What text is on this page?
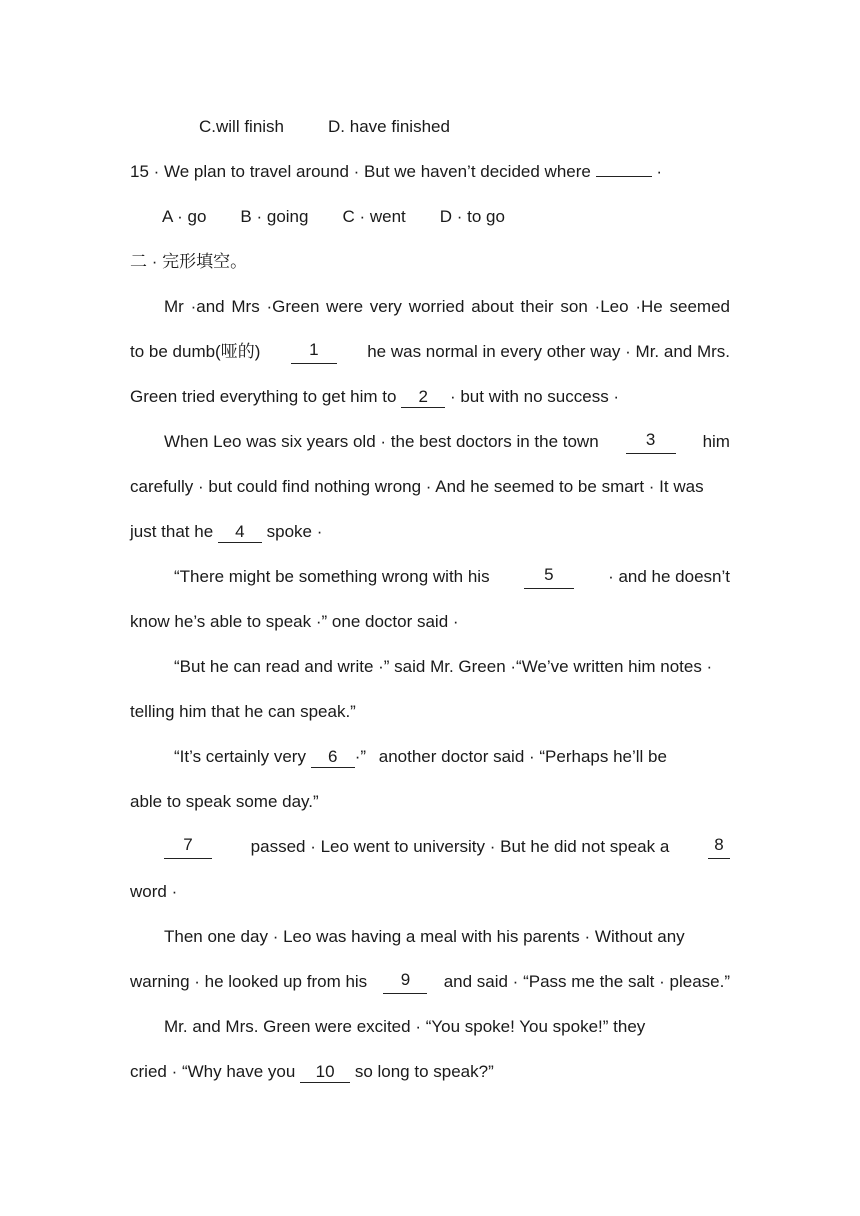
C.will finish	D. have finished
15 · We plan to travel around · But we haven’t decided where	·
A · go B · going C · went D · to go
二 · 完形填空。
Mr ·and Mrs ·Green were very worried about their son ·Leo ·He seemed
to be dumb(哑的)	1	he was normal in every other way · Mr. and Mrs.
Green tried everything to get him to 2 · but with no success ·
When Leo was six years old · the best doctors in the town	3	him
carefully · but could find nothing wrong · And he seemed to be smart · It was
just that he 4 spoke ·
“There might be something wrong with his	5	· and he doesn’t
know he’s able to speak ·” one doctor said ·
“But he can read and write ·” said Mr. Green ·“We’ve written him notes ·
telling him that he can speak.”
“It’s certainly very 6 ·” another doctor said · “Perhaps he’ll be
able to speak some day.”
7	passed · Leo went to university · But he did not speak a	8
word ·
Then one day · Leo was having a meal with his parents · Without any
warning · he looked up from his	9	and said · “Pass me the salt · please.”
Mr. and Mrs. Green were excited · “You spoke! You spoke!” they
cried · “Why have you 10 so long to speak?”
